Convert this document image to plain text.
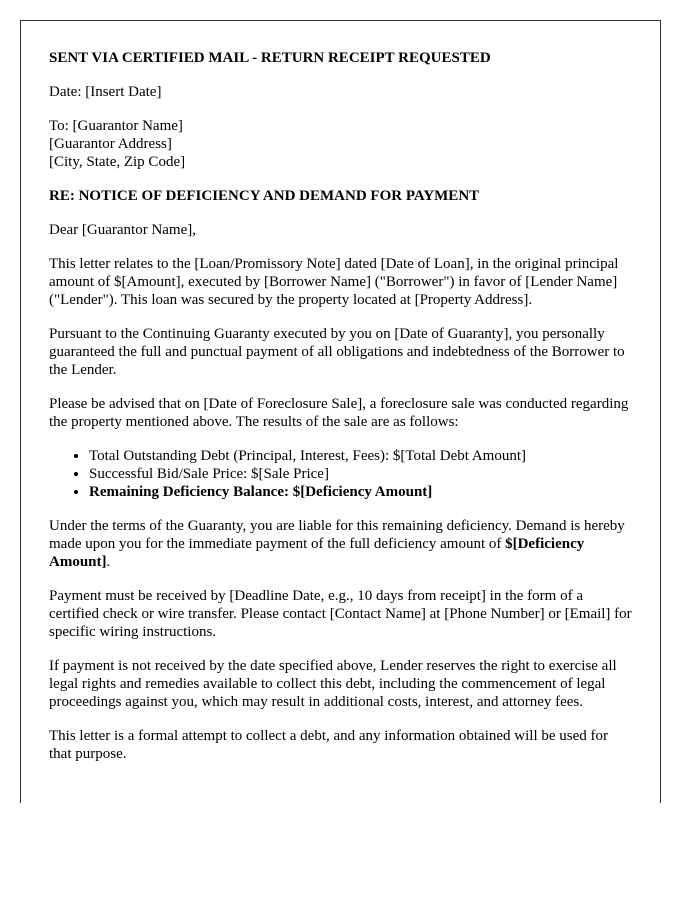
SENT VIA CERTIFIED MAIL - RETURN RECEIPT REQUESTED

Date: [Insert Date]

To: [Guarantor Name]
[Guarantor Address]
[City, State, Zip Code]

RE: NOTICE OF DEFICIENCY AND DEMAND FOR PAYMENT

Dear [Guarantor Name],

This letter relates to the [Loan/Promissory Note] dated [Date of Loan], in the original principal amount of $[Amount], executed by [Borrower Name] ("Borrower") in favor of [Lender Name] ("Lender"). This loan was secured by the property located at [Property Address].

Pursuant to the Continuing Guaranty executed by you on [Date of Guaranty], you personally guaranteed the full and punctual payment of all obligations and indebtedness of the Borrower to the Lender.

Please be advised that on [Date of Foreclosure Sale], a foreclosure sale was conducted regarding the property mentioned above. The results of the sale are as follows:

• Total Outstanding Debt (Principal, Interest, Fees): $[Total Debt Amount]
• Successful Bid/Sale Price: $[Sale Price]
• Remaining Deficiency Balance: $[Deficiency Amount]

Under the terms of the Guaranty, you are liable for this remaining deficiency. Demand is hereby made upon you for the immediate payment of the full deficiency amount of $[Deficiency Amount].

Payment must be received by [Deadline Date, e.g., 10 days from receipt] in the form of a certified check or wire transfer. Please contact [Contact Name] at [Phone Number] or [Email] for specific wiring instructions.

If payment is not received by the date specified above, Lender reserves the right to exercise all legal rights and remedies available to collect this debt, including the commencement of legal proceedings against you, which may result in additional costs, interest, and attorney fees.

This letter is a formal attempt to collect a debt, and any information obtained will be used for that purpose.
